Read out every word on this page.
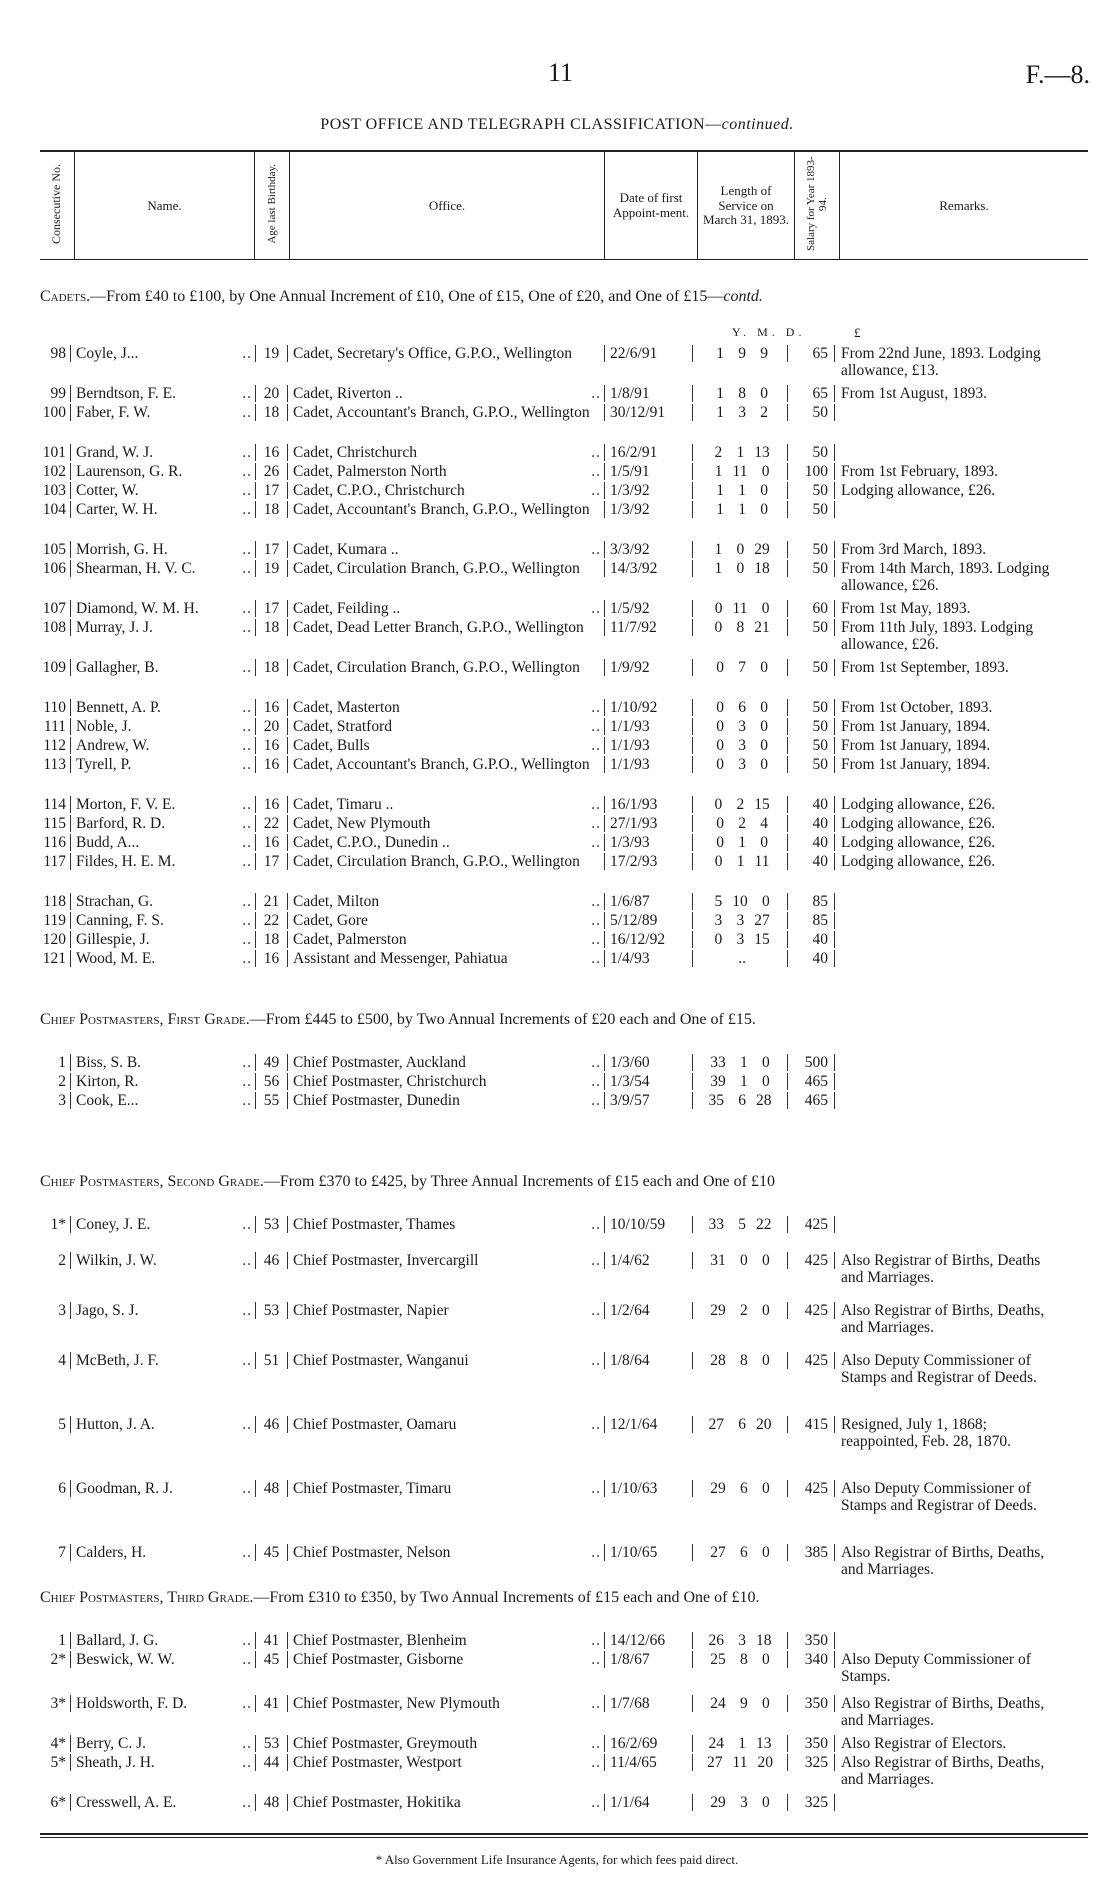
11	F.—8.
POST OFFICE AND TELEGRAPH CLASSIFICATION—continued.
Consecutive No.	Name.	Age last Birthday.	Office.	Date of first Appoint-ment.	Length of Service on March 31, 1893.	Salary for Year 1893-94.	Remarks.
Cadets.—From £40 to £100, by One Annual Increment of £10, One of £15, One of £20, and One of £15—contd.
Y. M. D.	£
98 Coyle, J...	.. 19 Cadet, Secretary's Office, G.P.O., Wellington	22/6/91	1 9 9	65 From 22nd June, 1893. Lodging allowance, £13.
99 Berndtson, F. E.	.. 20 Cadet, Riverton ..	.. 1/8/91	1 8 0	65 From 1st August, 1893.
100 Faber, F. W.	.. 18 Cadet, Accountant's Branch, G.P.O., Wellington	30/12/91	1 3 2	50
101 Grand, W. J.	.. 16 Cadet, Christchurch	.. 16/2/91	2 1 13	50
102 Laurenson, G. R.	.. 26 Cadet, Palmerston North	.. 1/5/91	1 11 0	100 From 1st February, 1893.
103 Cotter, W.	.. 17 Cadet, C.P.O., Christchurch	.. 1/3/92	1 1 0	50 Lodging allowance, £26.
104 Carter, W. H.	.. 18 Cadet, Accountant's Branch, G.P.O., Wellington	1/3/92	1 1 0	50
105 Morrish, G. H.	.. 17 Cadet, Kumara ..	.. 3/3/92	1 0 29	50 From 3rd March, 1893.
106 Shearman, H. V. C.	.. 19 Cadet, Circulation Branch, G.P.O., Wellington	14/3/92	1 0 18	50 From 14th March, 1893. Lodging allowance, £26.
107 Diamond, W. M. H.	.. 17 Cadet, Feilding ..	.. 1/5/92	0 11 0	60 From 1st May, 1893.
108 Murray, J. J.	.. 18 Cadet, Dead Letter Branch, G.P.O., Wellington	11/7/92	0 8 21	50 From 11th July, 1893. Lodging allowance, £26.
109 Gallagher, B.	.. 18 Cadet, Circulation Branch, G.P.O., Wellington	1/9/92	0 7 0	50 From 1st September, 1893.
110 Bennett, A. P.	.. 16 Cadet, Masterton	.. 1/10/92	0 6 0	50 From 1st October, 1893.
111 Noble, J.	.. 20 Cadet, Stratford	.. 1/1/93	0 3 0	50 From 1st January, 1894.
112 Andrew, W.	.. 16 Cadet, Bulls	.. 1/1/93	0 3 0	50 From 1st January, 1894.
113 Tyrell, P.	.. 16 Cadet, Accountant's Branch, G.P.O., Wellington	1/1/93	0 3 0	50 From 1st January, 1894.
114 Morton, F. V. E.	.. 16 Cadet, Timaru ..	.. 16/1/93	0 2 15	40 Lodging allowance, £26.
115 Barford, R. D.	.. 22 Cadet, New Plymouth	.. 27/1/93	0 2 4	40 Lodging allowance, £26.
116 Budd, A...	.. 16 Cadet, C.P.O., Dunedin ..	.. 1/3/93	0 1 0	40 Lodging allowance, £26.
117 Fildes, H. E. M.	.. 17 Cadet, Circulation Branch, G.P.O., Wellington	17/2/93	0 1 11	40 Lodging allowance, £26.
118 Strachan, G.	.. 21 Cadet, Milton	.. 1/6/87	5 10 0	85
119 Canning, F. S.	.. 22 Cadet, Gore	.. 5/12/89	3 3 27	85
120 Gillespie, J.	.. 18 Cadet, Palmerston	.. 16/12/92	0 3 15	40
121 Wood, M. E.	.. 16 Assistant and Messenger, Pahiatua	.. 1/4/93	..	40
Chief Postmasters, First Grade.—From £445 to £500, by Two Annual Increments of £20 each and One of £15.
1 Biss, S. B.	.. 49 Chief Postmaster, Auckland	.. 1/3/60	33 1 0	500
2 Kirton, R.	.. 56 Chief Postmaster, Christchurch	.. 1/3/54	39 1 0	465
3 Cook, E...	.. 55 Chief Postmaster, Dunedin	.. 3/9/57	35 6 28	465
Chief Postmasters, Second Grade.—From £370 to £425, by Three Annual Increments of £15 each and One of £10
1* Coney, J. E.	.. 53 Chief Postmaster, Thames	.. 10/10/59	33 5 22	425
2 Wilkin, J. W.	.. 46 Chief Postmaster, Invercargill	.. 1/4/62	31 0 0	425 Also Registrar of Births, Deaths and Marriages.
3 Jago, S. J.	.. 53 Chief Postmaster, Napier	.. 1/2/64	29 2 0	425 Also Registrar of Births, Deaths, and Marriages.
4 McBeth, J. F.	.. 51 Chief Postmaster, Wanganui	.. 1/8/64	28 8 0	425 Also Deputy Commissioner of Stamps and Registrar of Deeds.
5 Hutton, J. A.	.. 46 Chief Postmaster, Oamaru	.. 12/1/64	27 6 20	415 Resigned, July 1, 1868; reappointed, Feb. 28, 1870.
6 Goodman, R. J.	.. 48 Chief Postmaster, Timaru	.. 1/10/63	29 6 0	425 Also Deputy Commissioner of Stamps and Registrar of Deeds.
7 Calders, H.	.. 45 Chief Postmaster, Nelson	.. 1/10/65	27 6 0	385 Also Registrar of Births, Deaths, and Marriages.
Chief Postmasters, Third Grade.—From £310 to £350, by Two Annual Increments of £15 each and One of £10.
1 Ballard, J. G.	.. 41 Chief Postmaster, Blenheim	.. 14/12/66	26 3 18	350
2* Beswick, W. W.	.. 45 Chief Postmaster, Gisborne	.. 1/8/67	25 8 0	340 Also Deputy Commissioner of Stamps.
3* Holdsworth, F. D.	.. 41 Chief Postmaster, New Plymouth	.. 1/7/68	24 9 0	350 Also Registrar of Births, Deaths, and Marriages.
4* Berry, C. J.	.. 53 Chief Postmaster, Greymouth	.. 16/2/69	24 1 13	350 Also Registrar of Electors.
5* Sheath, J. H.	.. 44 Chief Postmaster, Westport	.. 11/4/65	27 11 20	325 Also Registrar of Births, Deaths, and Marriages.
6* Cresswell, A. E.	.. 48 Chief Postmaster, Hokitika	.. 1/1/64	29 3 0	325
* Also Government Life Insurance Agents, for which fees paid direct.
